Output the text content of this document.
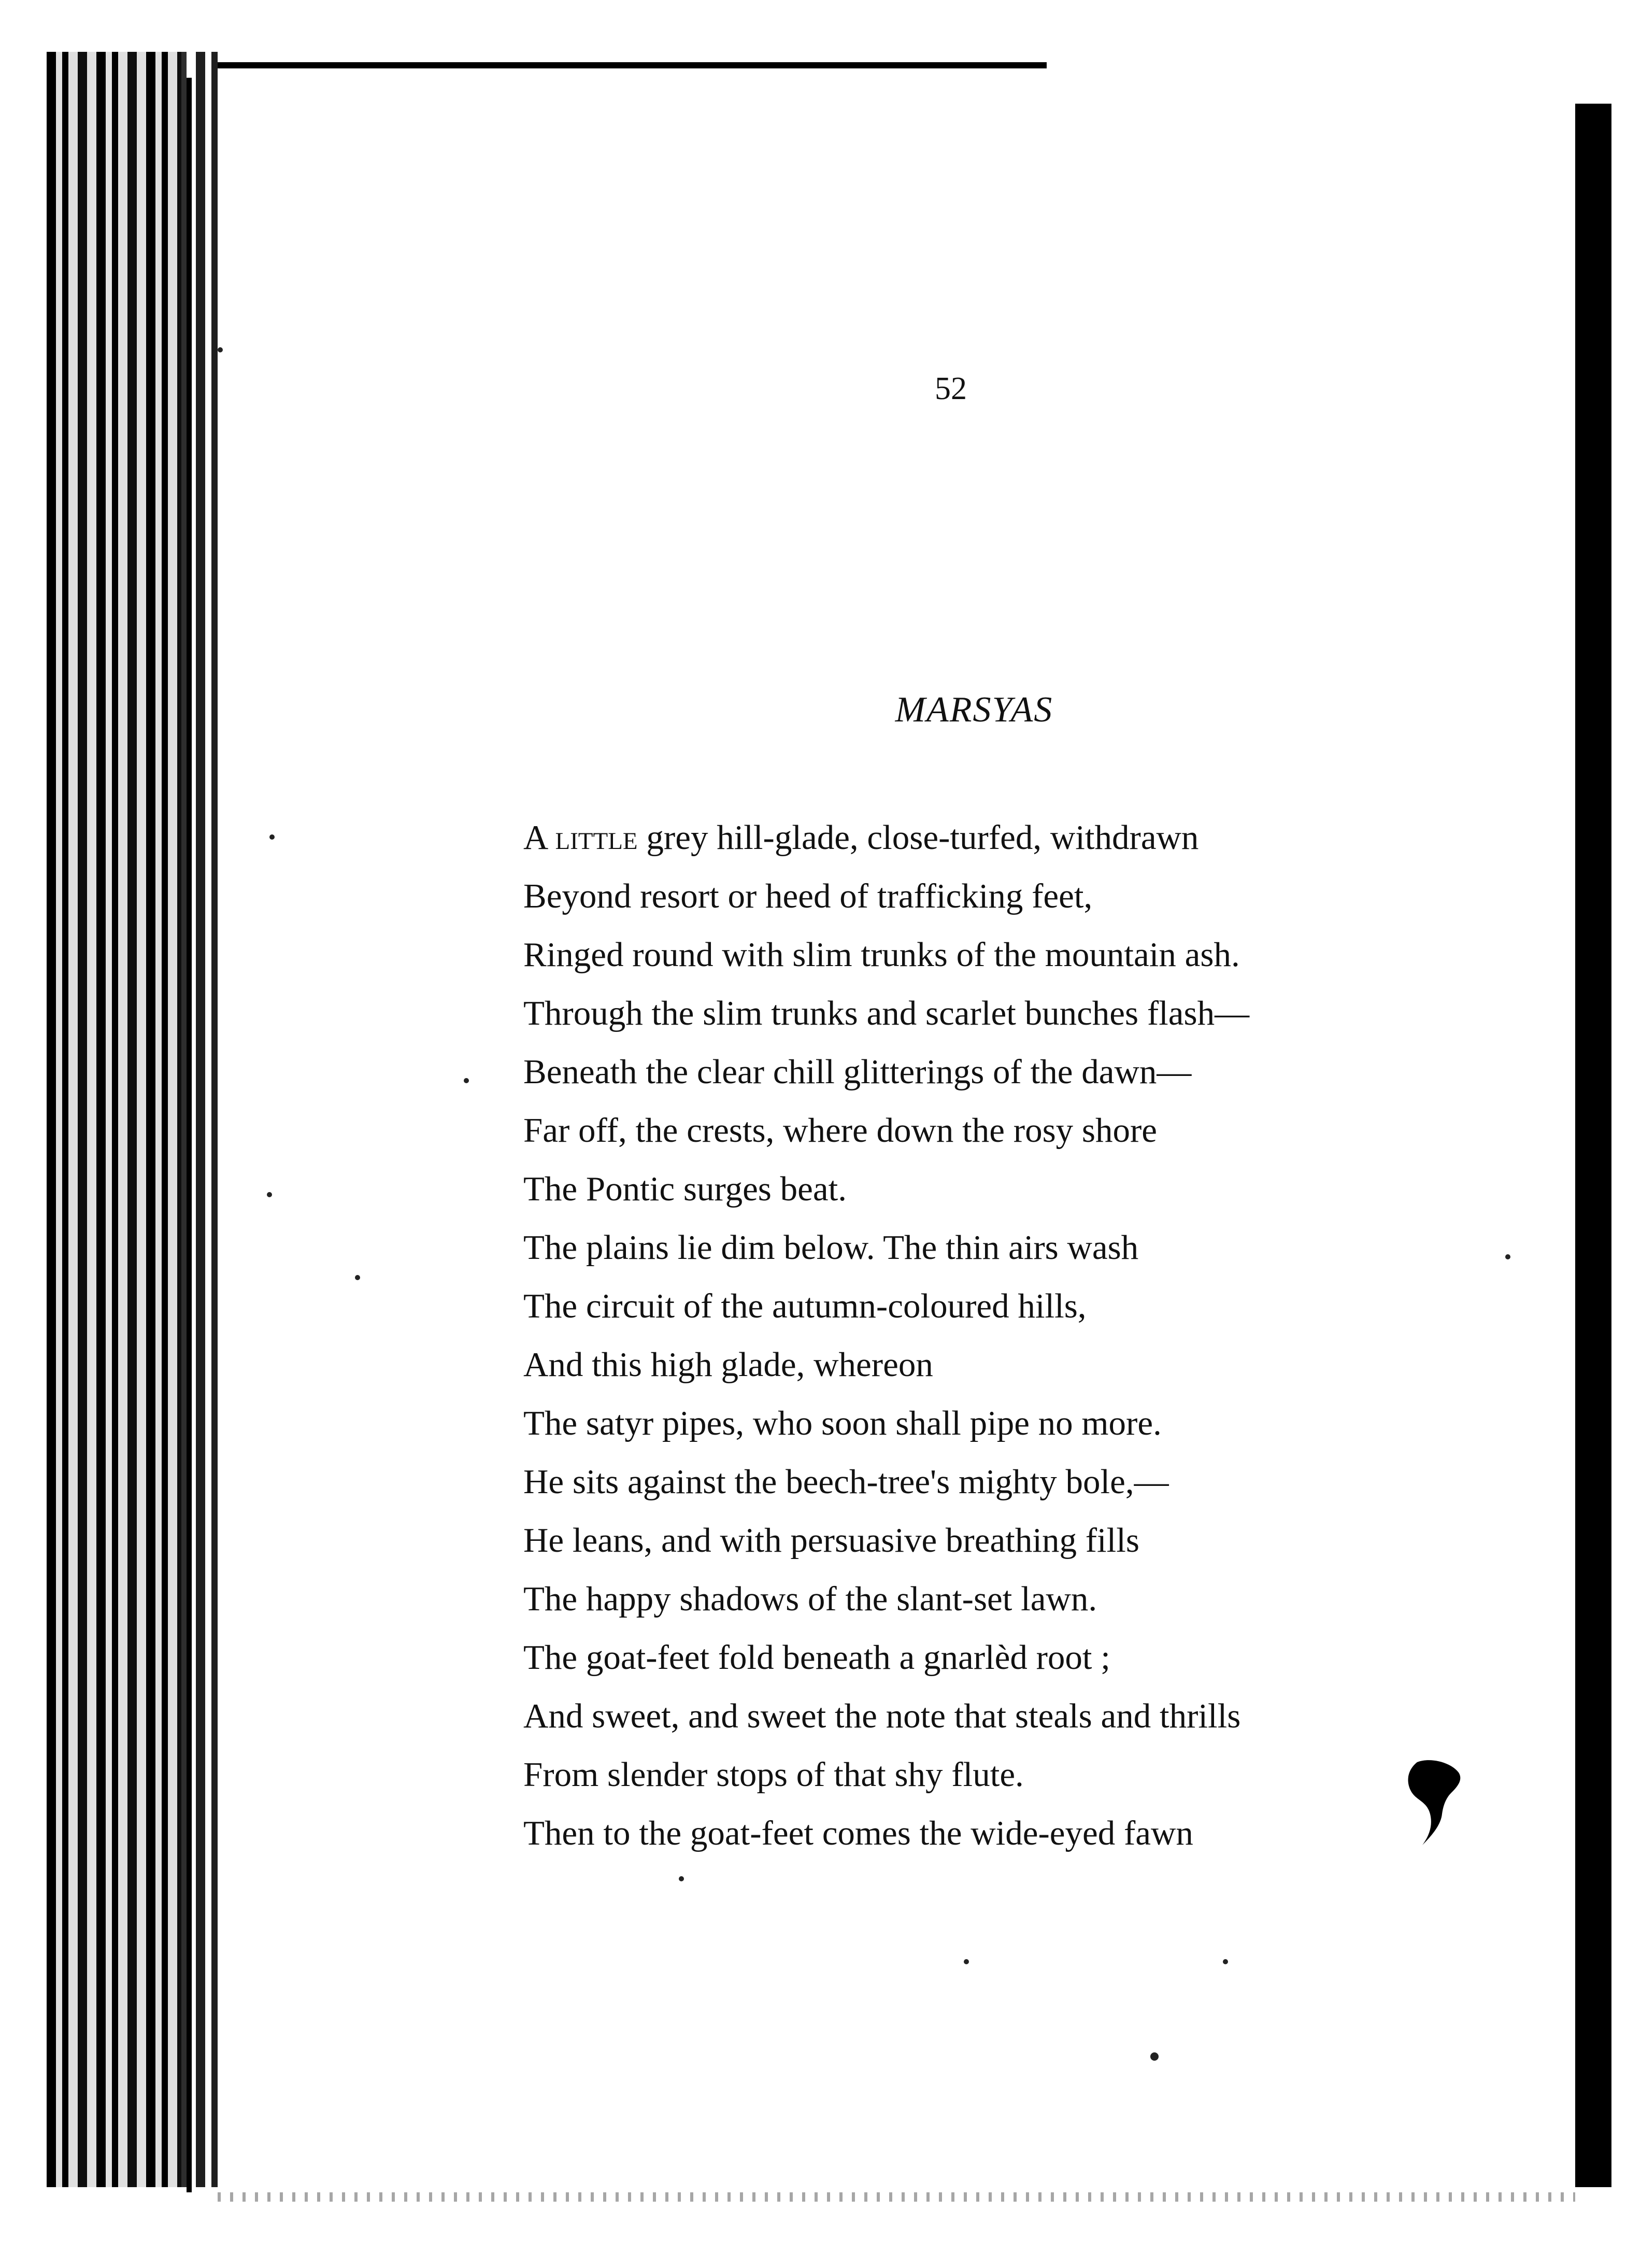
52
MARSYAS
A little grey hill-glade, close-turfed, withdrawn
Beyond resort or heed of trafficking feet,
Ringed round with slim trunks of the mountain ash.
Through the slim trunks and scarlet bunches flash—
Beneath the clear chill glitterings of the dawn—
Far off, the crests, where down the rosy shore
The Pontic surges beat.
The plains lie dim below. The thin airs wash
The circuit of the autumn-coloured hills,
And this high glade, whereon
The satyr pipes, who soon shall pipe no more.
He sits against the beech-tree's mighty bole,—
He leans, and with persuasive breathing fills
The happy shadows of the slant-set lawn.
The goat-feet fold beneath a gnarlèd root ;
And sweet, and sweet the note that steals and thrills
From slender stops of that shy flute.
Then to the goat-feet comes the wide-eyed fawn
